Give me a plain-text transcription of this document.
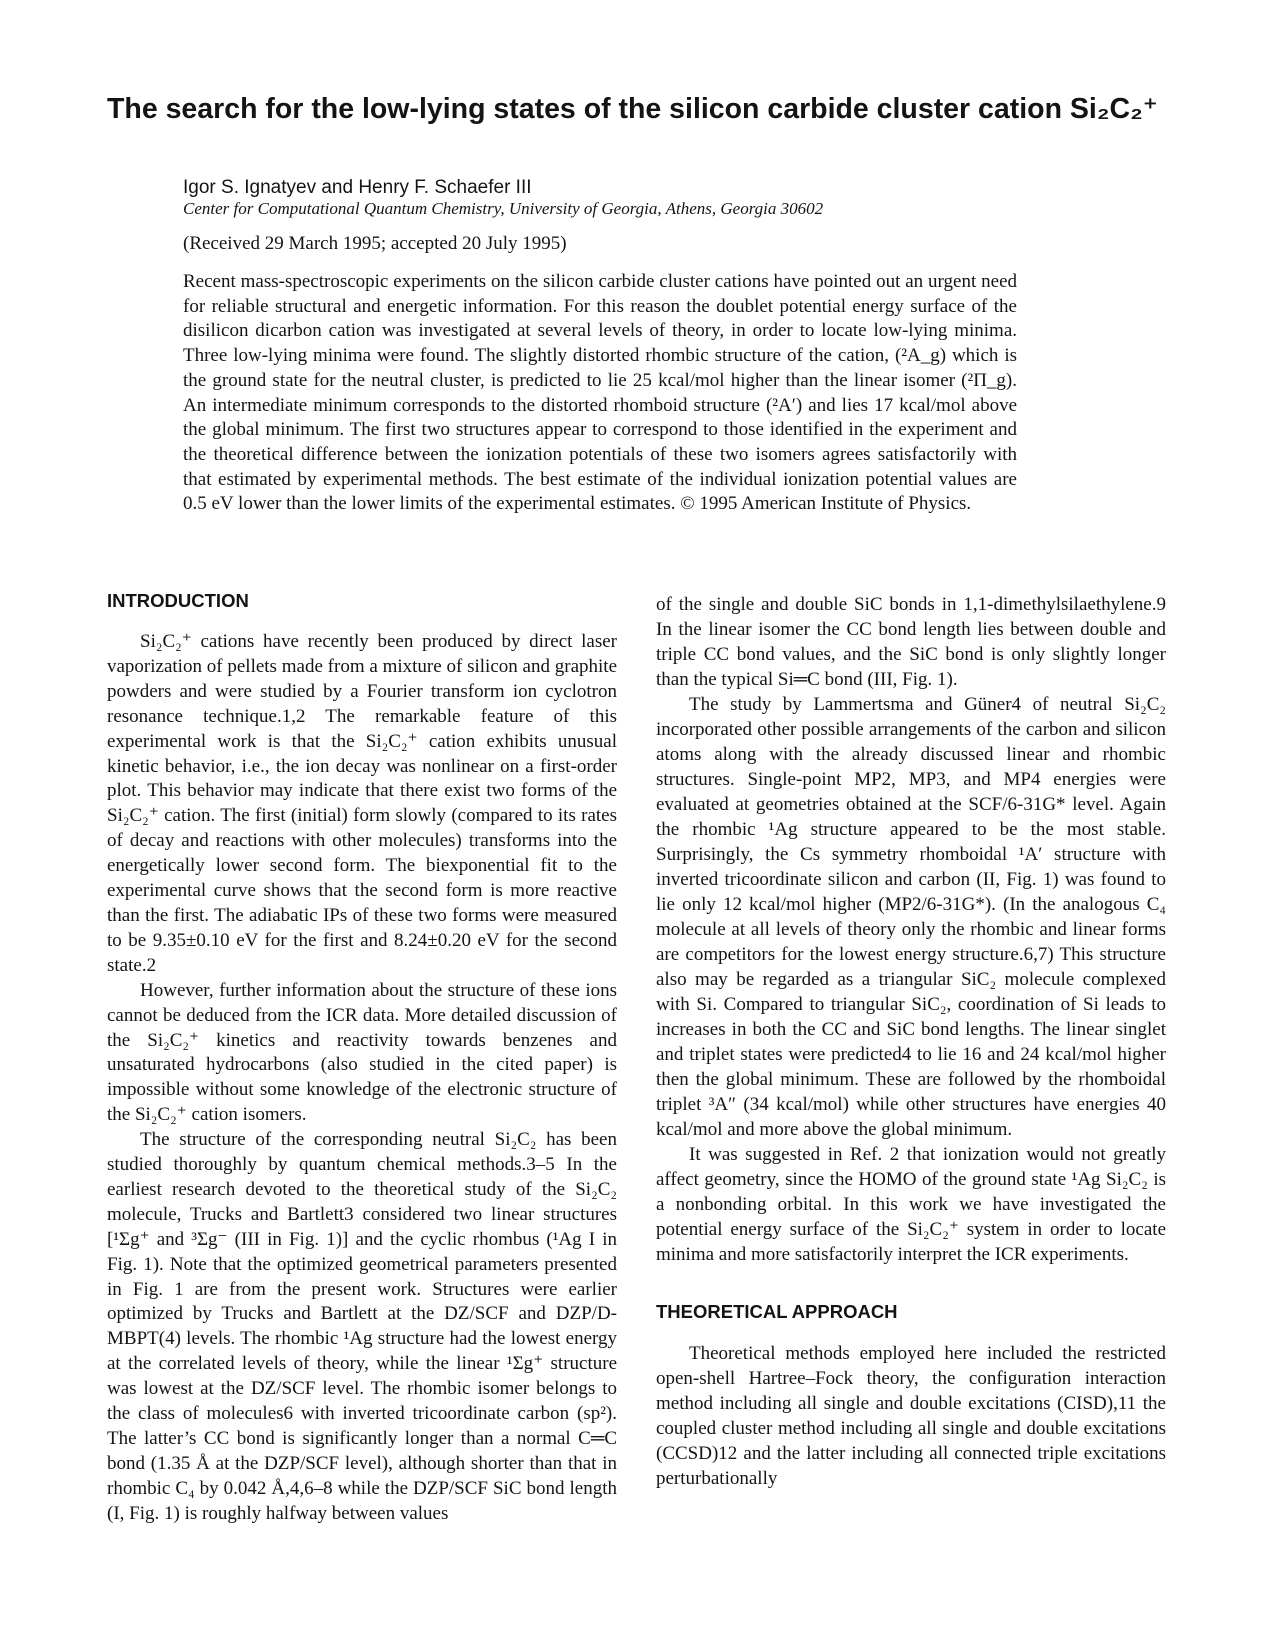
The search for the low-lying states of the silicon carbide cluster cation Si₂C₂⁺
Igor S. Ignatyev and Henry F. Schaefer III
Center for Computational Quantum Chemistry, University of Georgia, Athens, Georgia 30602
(Received 29 March 1995; accepted 20 July 1995)

Recent mass-spectroscopic experiments on the silicon carbide cluster cations have pointed out an urgent need for reliable structural and energetic information. For this reason the doublet potential energy surface of the disilicon dicarbon cation was investigated at several levels of theory, in order to locate low-lying minima. Three low-lying minima were found. The slightly distorted rhombic structure of the cation, (²A_g) which is the ground state for the neutral cluster, is predicted to lie 25 kcal/mol higher than the linear isomer (²Π_g). An intermediate minimum corresponds to the distorted rhomboid structure (²A′) and lies 17 kcal/mol above the global minimum. The first two structures appear to correspond to those identified in the experiment and the theoretical difference between the ionization potentials of these two isomers agrees satisfactorily with that estimated by experimental methods. The best estimate of the individual ionization potential values are 0.5 eV lower than the lower limits of the experimental estimates. © 1995 American Institute of Physics.

INTRODUCTION

Si₂C₂⁺ cations have recently been produced by direct laser vaporization of pellets made from a mixture of silicon and graphite powders and were studied by a Fourier transform ion cyclotron resonance technique.1,2 The remarkable feature of this experimental work is that the Si₂C₂⁺ cation exhibits unusual kinetic behavior, i.e., the ion decay was nonlinear on a first-order plot. This behavior may indicate that there exist two forms of the Si₂C₂⁺ cation. The first (initial) form slowly (compared to its rates of decay and reactions with other molecules) transforms into the energetically lower second form. The biexponential fit to the experimental curve shows that the second form is more reactive than the first. The adiabatic IPs of these two forms were measured to be 9.35±0.10 eV for the first and 8.24±0.20 eV for the second state.2

However, further information about the structure of these ions cannot be deduced from the ICR data. More detailed discussion of the Si₂C₂⁺ kinetics and reactivity towards benzenes and unsaturated hydrocarbons (also studied in the cited paper) is impossible without some knowledge of the electronic structure of the Si₂C₂⁺ cation isomers.

The structure of the corresponding neutral Si₂C₂ has been studied thoroughly by quantum chemical methods.3–5 In the earliest research devoted to the theoretical study of the Si₂C₂ molecule, Trucks and Bartlett3 considered two linear structures [¹Σg⁺ and ³Σg⁻ (III in Fig. 1)] and the cyclic rhombus (¹Ag I in Fig. 1). Note that the optimized geometrical parameters presented in Fig. 1 are from the present work. Structures were earlier optimized by Trucks and Bartlett at the DZ/SCF and DZP/D-MBPT(4) levels. The rhombic ¹Ag structure had the lowest energy at the correlated levels of theory, while the linear ¹Σg⁺ structure was lowest at the DZ/SCF level. The rhombic isomer belongs to the class of molecules6 with inverted tricoordinate carbon (sp²). The latter’s CC bond is significantly longer than a normal C═C bond (1.35 Å at the DZP/SCF level), although shorter than that in rhombic C₄ by 0.042 Å,4,6–8 while the DZP/SCF SiC bond length (I, Fig. 1) is roughly halfway between values

of the single and double SiC bonds in 1,1-dimethylsilaethylene.9 In the linear isomer the CC bond length lies between double and triple CC bond values, and the SiC bond is only slightly longer than the typical Si═C bond (III, Fig. 1).

The study by Lammertsma and Güner4 of neutral Si₂C₂ incorporated other possible arrangements of the carbon and silicon atoms along with the already discussed linear and rhombic structures. Single-point MP2, MP3, and MP4 energies were evaluated at geometries obtained at the SCF/6-31G* level. Again the rhombic ¹Ag structure appeared to be the most stable. Surprisingly, the Cs symmetry rhomboidal ¹A′ structure with inverted tricoordinate silicon and carbon (II, Fig. 1) was found to lie only 12 kcal/mol higher (MP2/6-31G*). (In the analogous C₄ molecule at all levels of theory only the rhombic and linear forms are competitors for the lowest energy structure.6,7) This structure also may be regarded as a triangular SiC₂ molecule complexed with Si. Compared to triangular SiC₂, coordination of Si leads to increases in both the CC and SiC bond lengths. The linear singlet and triplet states were predicted4 to lie 16 and 24 kcal/mol higher then the global minimum. These are followed by the rhomboidal triplet ³A″ (34 kcal/mol) while other structures have energies 40 kcal/mol and more above the global minimum.

It was suggested in Ref. 2 that ionization would not greatly affect geometry, since the HOMO of the ground state ¹Ag Si₂C₂ is a nonbonding orbital. In this work we have investigated the potential energy surface of the Si₂C₂⁺ system in order to locate minima and more satisfactorily interpret the ICR experiments.

THEORETICAL APPROACH

Theoretical methods employed here included the restricted open-shell Hartree–Fock theory, the configuration interaction method including all single and double excitations (CISD),11 the coupled cluster method including all single and double excitations (CCSD)12 and the latter including all connected triple excitations perturbationally
